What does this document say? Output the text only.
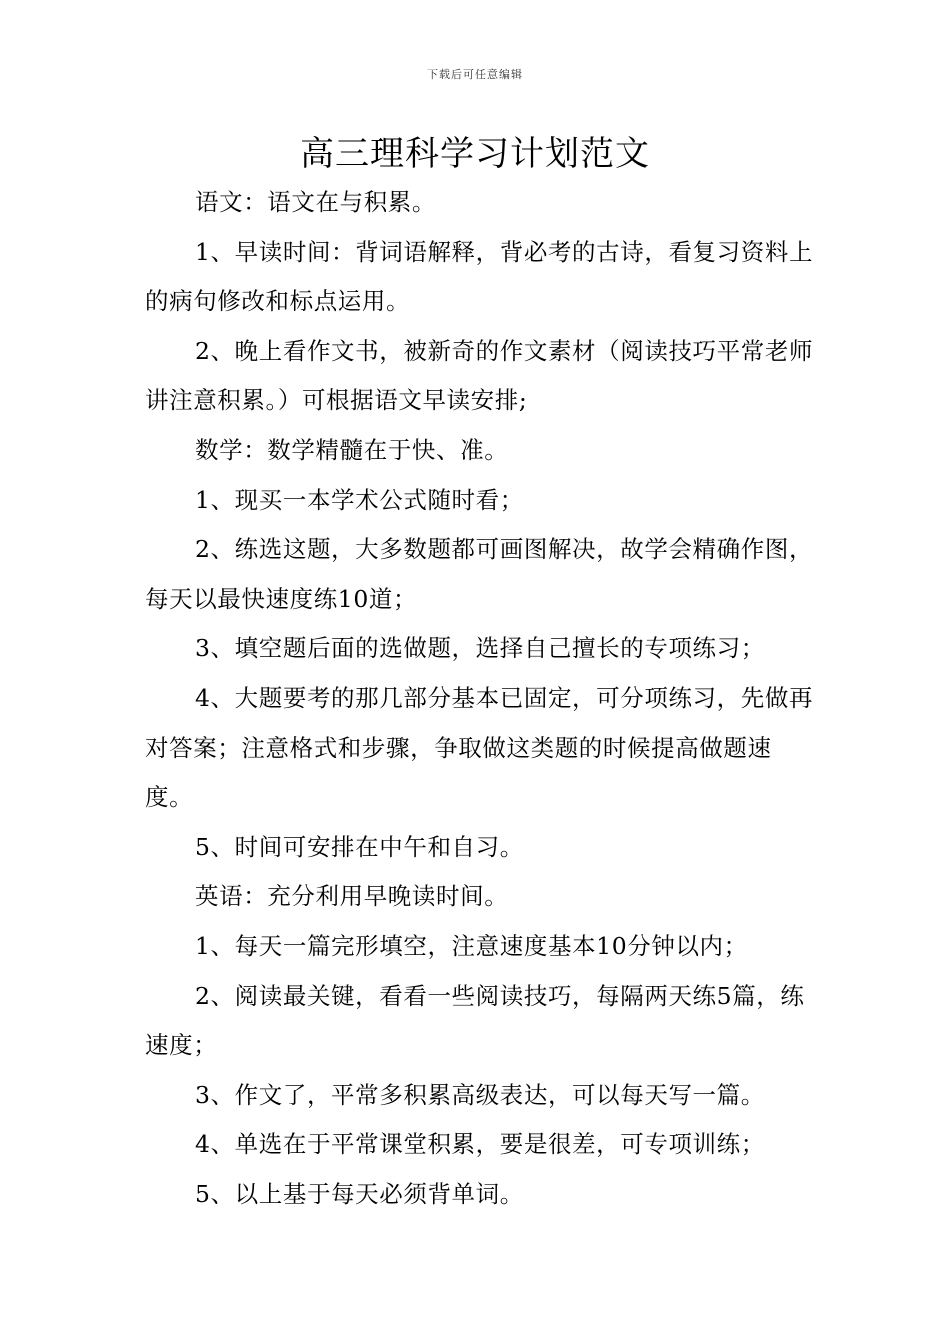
下载后可任意编辑
高三理科学习计划范文

语文：语文在与积累。

1、早读时间：背词语解释，背必考的古诗，看复习资料上的病句修改和标点运用。

2、晚上看作文书，被新奇的作文素材（阅读技巧平常老师讲注意积累。）可根据语文早读安排;

数学：数学精髓在于快、准。

1、现买一本学术公式随时看；

2、练选这题，大多数题都可画图解决，故学会精确作图，每天以最快速度练10道；

3、填空题后面的选做题，选择自己擅长的专项练习；

4、大题要考的那几部分基本已固定，可分项练习，先做再对答案；注意格式和步骤，争取做这类题的时候提高做题速度。

5、时间可安排在中午和自习。

英语：充分利用早晚读时间。

1、每天一篇完形填空，注意速度基本10分钟以内；

2、阅读最关键，看看一些阅读技巧，每隔两天练5篇，练速度；

3、作文了，平常多积累高级表达，可以每天写一篇。

4、单选在于平常课堂积累，要是很差，可专项训练；

5、以上基于每天必须背单词。
